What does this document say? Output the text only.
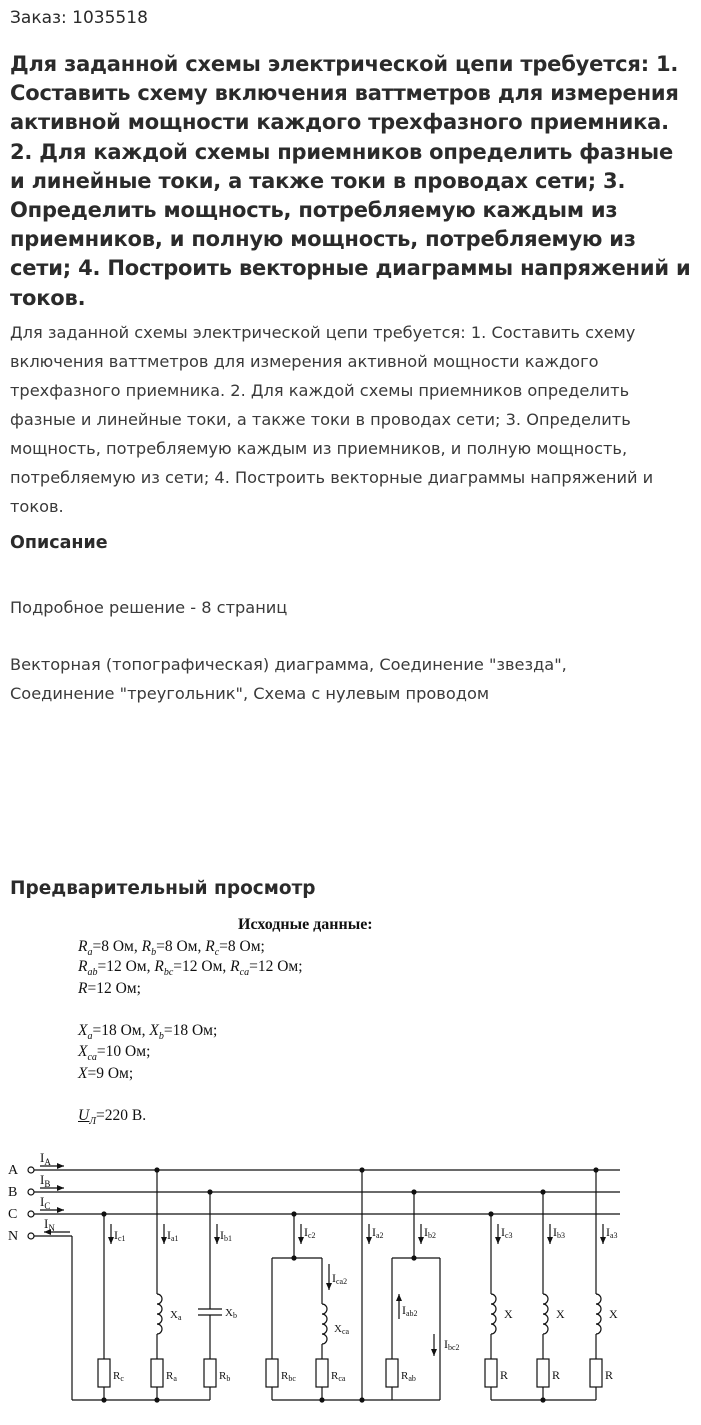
Заказ: 1035518
Для заданной схемы электрической цепи требуется: 1. Составить схему включения ваттметров для измерения активной мощности каждого трехфазного приемника. 2. Для каждой схемы приемников определить фазные и линейные токи, а также токи в проводах сети; 3. Определить мощность, потребляемую каждым из приемников, и полную мощность, потребляемую из сети; 4. Построить векторные диаграммы напряжений и токов.
Для заданной схемы электрической цепи требуется: 1. Составить схему включения ваттметров для измерения активной мощности каждого трехфазного приемника. 2. Для каждой схемы приемников определить фазные и линейные токи, а также токи в проводах сети; 3. Определить мощность, потребляемую каждым из приемников, и полную мощность, потребляемую из сети; 4. Построить векторные диаграммы напряжений и токов.
Описание
Подробное решение - 8 страниц
Векторная (топографическая) диаграмма, Соединение "звезда", Соединение "треугольник", Схема с нулевым проводом
Предварительный просмотр
Исходные данные:
$R_a=8$ Ом, $R_b=8$ Ом, $R_c=8$ Ом;
$R_{ab}=12$ Ом, $R_{bc}=12$ Ом, $R_{ca}=12$ Ом;
R=12 Ом;
$X_a=18$ Ом, $X_b=18$ Ом;
$X_{ca}=10$ Ом;
X=9 Ом;
$U_Л=220$ В.
A
B
C
N
$I_A$
$I_B$
$I_C$
$I_N$	Ic1
Rc
Ia1
Xa
Ra
Ib1
Xb
Rb
Ic2
Rbc
Ica2
Xca
Rca
Ia2	Ib2
Iab2
Rab
Ibc2
Ic3
X
R
Ib3
X
R
Ia3
X
R
